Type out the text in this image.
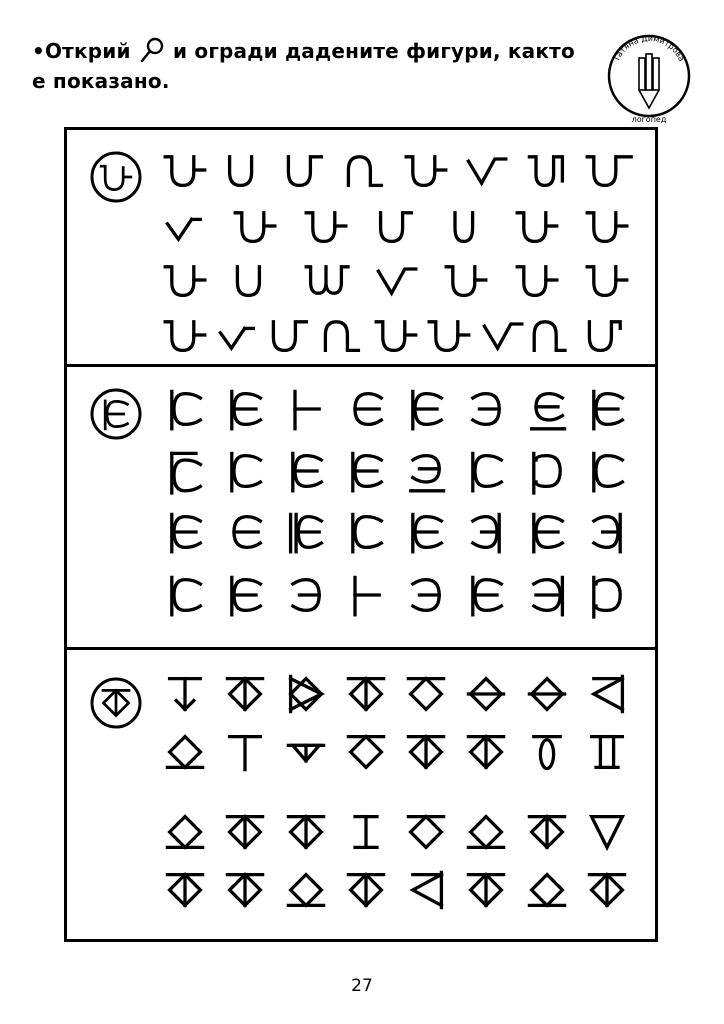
•Открий и огради дадените фигури, както е показано.
Татяна Димитрова
логопед
27
